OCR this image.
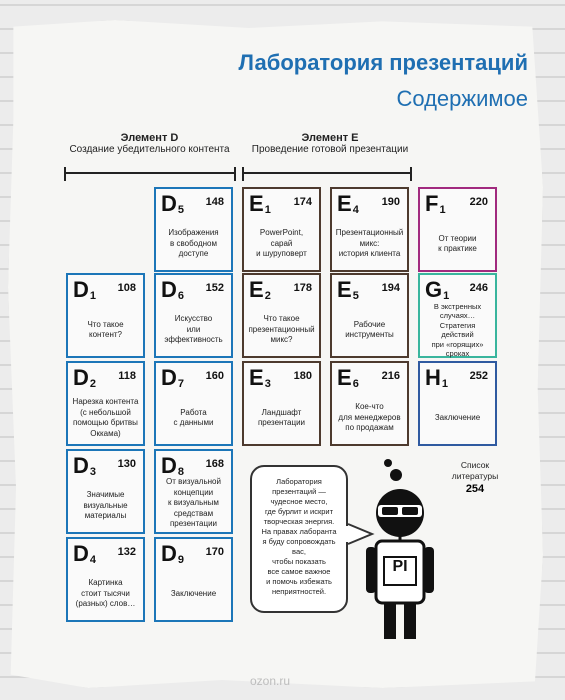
Лаборатория презентаций
Содержимое
Элемент D
Создание убедительного контента
Элемент E
Проведение готовой презентации
$D_5$
148
Изображения
в свободном
доступе
$E_1$
174
PowerPoint,
сарай
и шуруповерт
$E_4$
190
Презентационный
микс:
история клиента
$F_1$
220
От теории
к практике
$D_1$
108
Что такое
контент?
$D_6$
152
Искусство
или
эффективность
$E_2$
178
Что такое
презентационный
микс?
$E_5$
194
Рабочие
инструменты
$G_1$
246
В экстренных
случаях…
Стратегия действий
при «горящих»
сроках
$D_2$
118
Нарезка контента
(с небольшой
помощью бритвы
Оккама)
$D_7$
160
Работа
с данными
$E_3$
180
Ландшафт
презентации
$E_6$
216
Кое-что
для менеджеров
по продажам
$H_1$
252
Заключение
$D_3$
130
Значимые
визуальные
материалы
$D_8$
168
От визуальной
концепции
к визуальным
средствам
презентации
$D_4$
132
Картинка
стоит тысячи
(разных) слов…
$D_9$
170
Заключение
Лаборатория
презентаций —
чудесное место,
где бурлит и искрит
творческая энергия.
На правах лаборанта
я буду сопровождать вас,
чтобы показать
все самое важное
и помочь избежать
неприятностей.
Список
литературы
254
PI
ozon.ru
